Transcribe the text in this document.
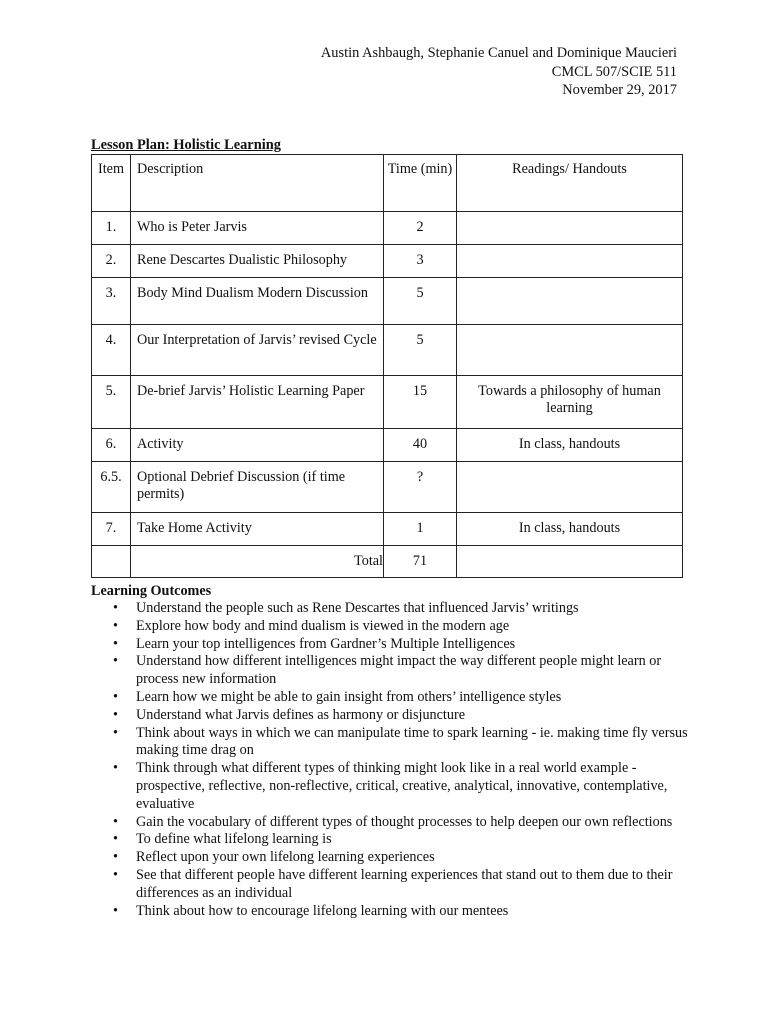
Austin Ashbaugh, Stephanie Canuel and Dominique Maucieri
CMCL 507/SCIE 511
November 29, 2017
Lesson Plan: Holistic Learning
Item	Description	Time (min)	Readings/ Handouts
1.	Who is Peter Jarvis	2	
2.	Rene Descartes Dualistic Philosophy	3	
3.	Body Mind Dualism Modern Discussion	5	
4.	Our Interpretation of Jarvis’ revised Cycle	5	
5.	De-brief Jarvis’ Holistic Learning Paper	15	Towards a philosophy of human learning
6.	Activity	40	In class, handouts
6.5.	Optional Debrief Discussion (if time permits)	?	
7.	Take Home Activity	1	In class, handouts
	Total	71	
Learning Outcomes
• Understand the people such as Rene Descartes that influenced Jarvis’ writings
• Explore how body and mind dualism is viewed in the modern age
• Learn your top intelligences from Gardner’s Multiple Intelligences
• Understand how different intelligences might impact the way different people might learn or process new information
• Learn how we might be able to gain insight from others’ intelligence styles
• Understand what Jarvis defines as harmony or disjuncture
• Think about ways in which we can manipulate time to spark learning - ie. making time fly versus making time drag on
• Think through what different types of thinking might look like in a real world example - prospective, reflective, non-reflective, critical, creative, analytical, innovative, contemplative, evaluative
• Gain the vocabulary of different types of thought processes to help deepen our own reflections
• To define what lifelong learning is
• Reflect upon your own lifelong learning experiences
• See that different people have different learning experiences that stand out to them due to their differences as an individual
• Think about how to encourage lifelong learning with our mentees
